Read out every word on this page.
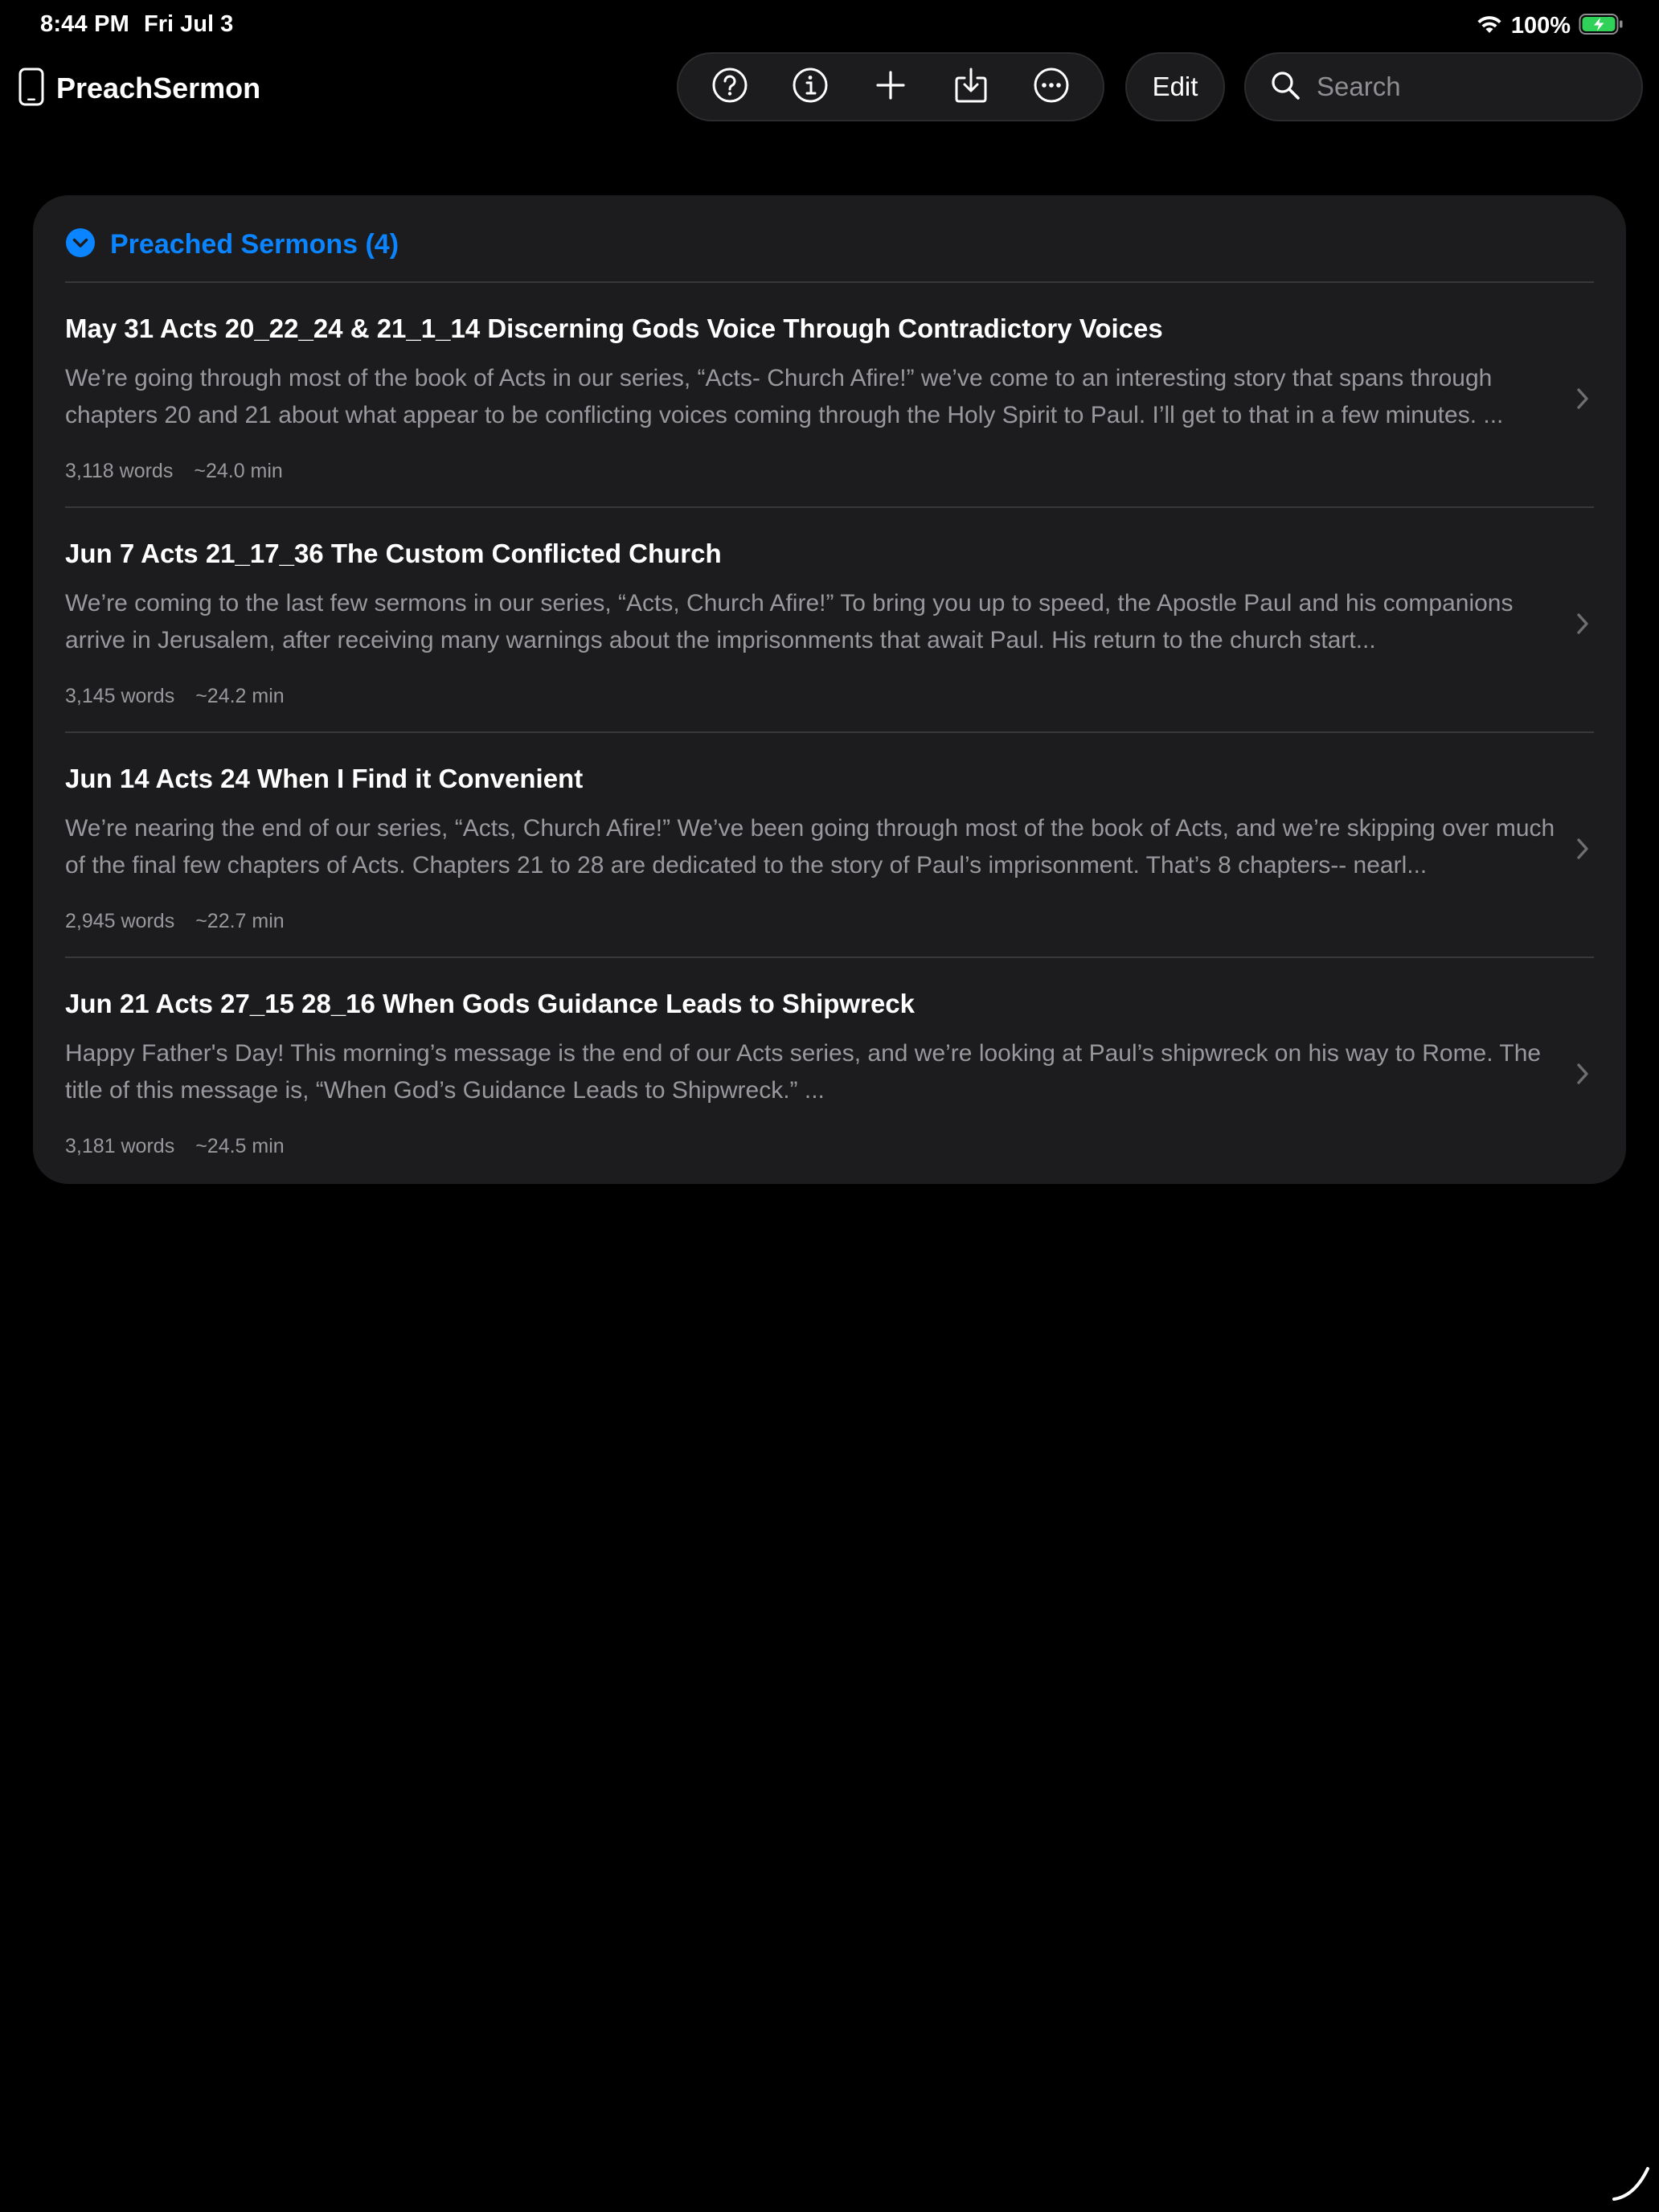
8:44 PM Fri Jul 3	100%
PreachSermon	Edit
Search
Preached Sermons (4)
May 31 Acts 20_22_24 & 21_1_14 Discerning Gods Voice Through Contradictory Voices
We’re going through most of the book of Acts in our series, “Acts- Church Afire!” we’ve come to an interesting story that spans through chapters 20 and 21 about what appear to be conflicting voices coming through the Holy Spirit to Paul. I’ll get to that in a few minutes. ...
3,118 words ~24.0 min
Jun 7 Acts 21_17_36 The Custom Conflicted Church
We’re coming to the last few sermons in our series, “Acts, Church Afire!” To bring you up to speed, the Apostle Paul and his companions arrive in Jerusalem, after receiving many warnings about the imprisonments that await Paul. His return to the church start...
3,145 words ~24.2 min
Jun 14 Acts 24 When I Find it Convenient
We’re nearing the end of our series, “Acts, Church Afire!” We’ve been going through most of the book of Acts, and we’re skipping over much of the final few chapters of Acts. Chapters 21 to 28 are dedicated to the story of Paul’s imprisonment. That’s 8 chapters-- nearl...
2,945 words ~22.7 min
Jun 21 Acts 27_15 28_16 When Gods Guidance Leads to Shipwreck
Happy Father's Day! This morning’s message is the end of our Acts series, and we’re looking at Paul’s shipwreck on his way to Rome. The title of this message is, “When God’s Guidance Leads to Shipwreck.” ...
3,181 words ~24.5 min
